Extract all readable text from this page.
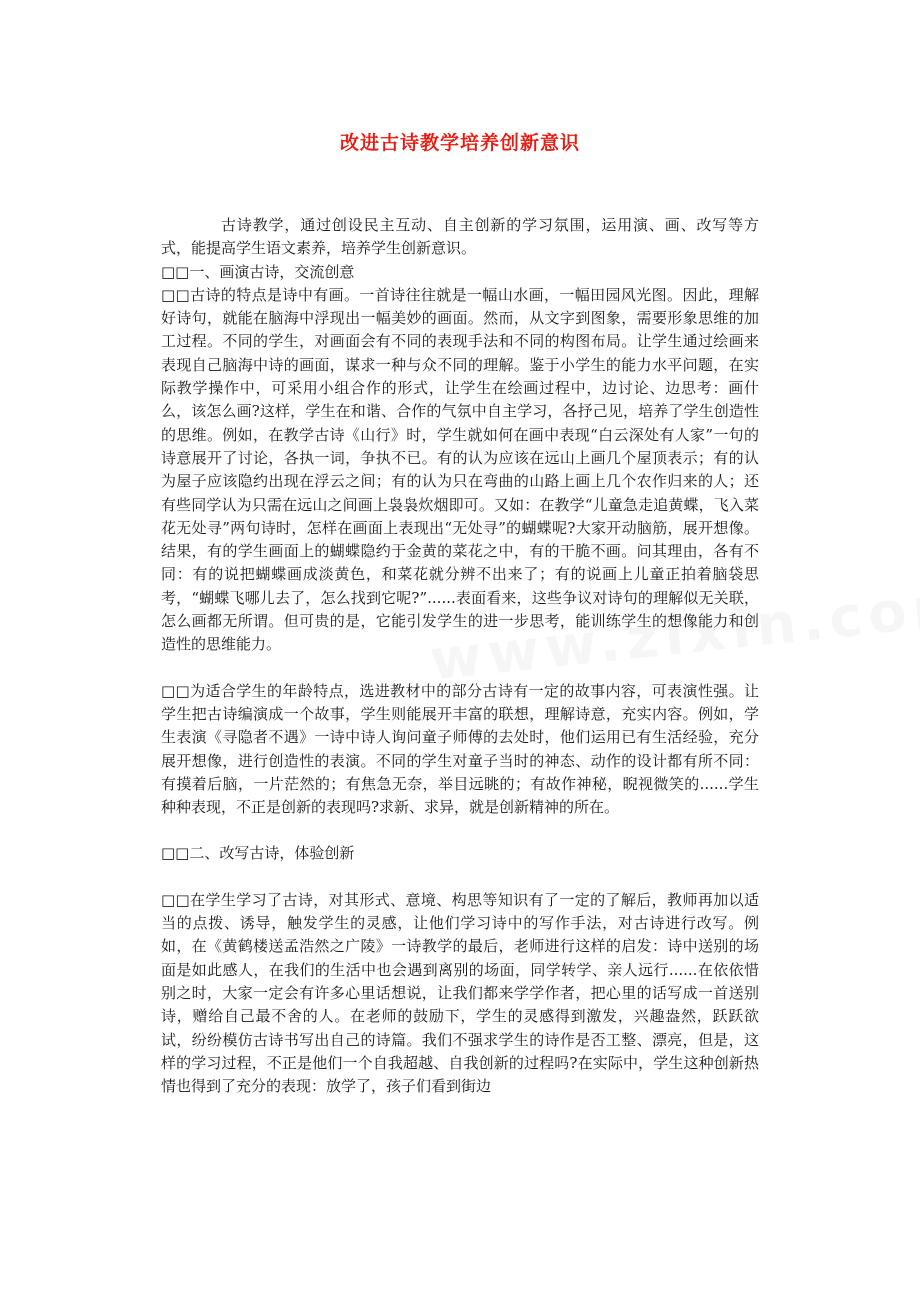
改进古诗教学培养创新意识

古诗教学，通过创设民主互动、自主创新的学习氛围，运用演、画、改写等方式，能提高学生语文素养，培养学生创新意识。

□□一、画演古诗，交流创意

□□古诗的特点是诗中有画。一首诗往往就是一幅山水画，一幅田园风光图。因此，理解好诗句，就能在脑海中浮现出一幅美妙的画面。然而，从文字到图象，需要形象思维的加工过程。不同的学生，对画面会有不同的表现手法和不同的构图布局。让学生通过绘画来表现自己脑海中诗的画面，谋求一种与众不同的理解。鉴于小学生的能力水平问题，在实际教学操作中，可采用小组合作的形式，让学生在绘画过程中，边讨论、边思考：画什么，该怎么画?这样，学生在和谐、合作的气氛中自主学习，各抒己见，培养了学生创造性的思维。例如，在教学古诗《山行》时，学生就如何在画中表现“白云深处有人家”一句的诗意展开了讨论，各执一词，争执不已。有的认为应该在远山上画几个屋顶表示；有的认为屋子应该隐约出现在浮云之间；有的认为只在弯曲的山路上画上几个农作归来的人；还有些同学认为只需在远山之间画上袅袅炊烟即可。又如：在教学“儿童急走追黄蝶，飞入菜花无处寻”两句诗时，怎样在画面上表现出“无处寻”的蝴蝶呢?大家开动脑筋，展开想像。结果，有的学生画面上的蝴蝶隐约于金黄的菜花之中，有的干脆不画。问其理由，各有不同：有的说把蝴蝶画成淡黄色，和菜花就分辨不出来了；有的说画上儿童正拍着脑袋思考，“蝴蝶飞哪儿去了，怎么找到它呢?”......表面看来，这些争议对诗句的理解似无关联，怎么画都无所谓。但可贵的是，它能引发学生的进一步思考，能训练学生的想像能力和创造性的思维能力。

□□为适合学生的年龄特点，选进教材中的部分古诗有一定的故事内容，可表演性强。让学生把古诗编演成一个故事，学生则能展开丰富的联想，理解诗意，充实内容。例如，学生表演《寻隐者不遇》一诗中诗人询问童子师傅的去处时，他们运用已有生活经验，充分展开想像，进行创造性的表演。不同的学生对童子当时的神态、动作的设计都有所不同：有摸着后脑，一片茫然的；有焦急无奈，举目远眺的；有故作神秘，睨视微笑的......学生种种表现，不正是创新的表现吗?求新、求异，就是创新精神的所在。

□□二、改写古诗，体验创新

□□在学生学习了古诗，对其形式、意境、构思等知识有了一定的了解后，教师再加以适当的点拨、诱导，触发学生的灵感，让他们学习诗中的写作手法，对古诗进行改写。例如，在《黄鹤楼送孟浩然之广陵》一诗教学的最后，老师进行这样的启发：诗中送别的场面是如此感人，在我们的生活中也会遇到离别的场面，同学转学、亲人远行......在依依惜别之时，大家一定会有许多心里话想说，让我们都来学学作者，把心里的话写成一首送别诗，赠给自己最不舍的人。在老师的鼓励下，学生的灵感得到激发，兴趣盎然，跃跃欲试，纷纷模仿古诗书写出自己的诗篇。我们不强求学生的诗作是否工整、漂亮，但是，这样的学习过程，不正是他们一个自我超越、自我创新的过程吗?在实际中，学生这种创新热情也得到了充分的表现：放学了，孩子们看到街边
